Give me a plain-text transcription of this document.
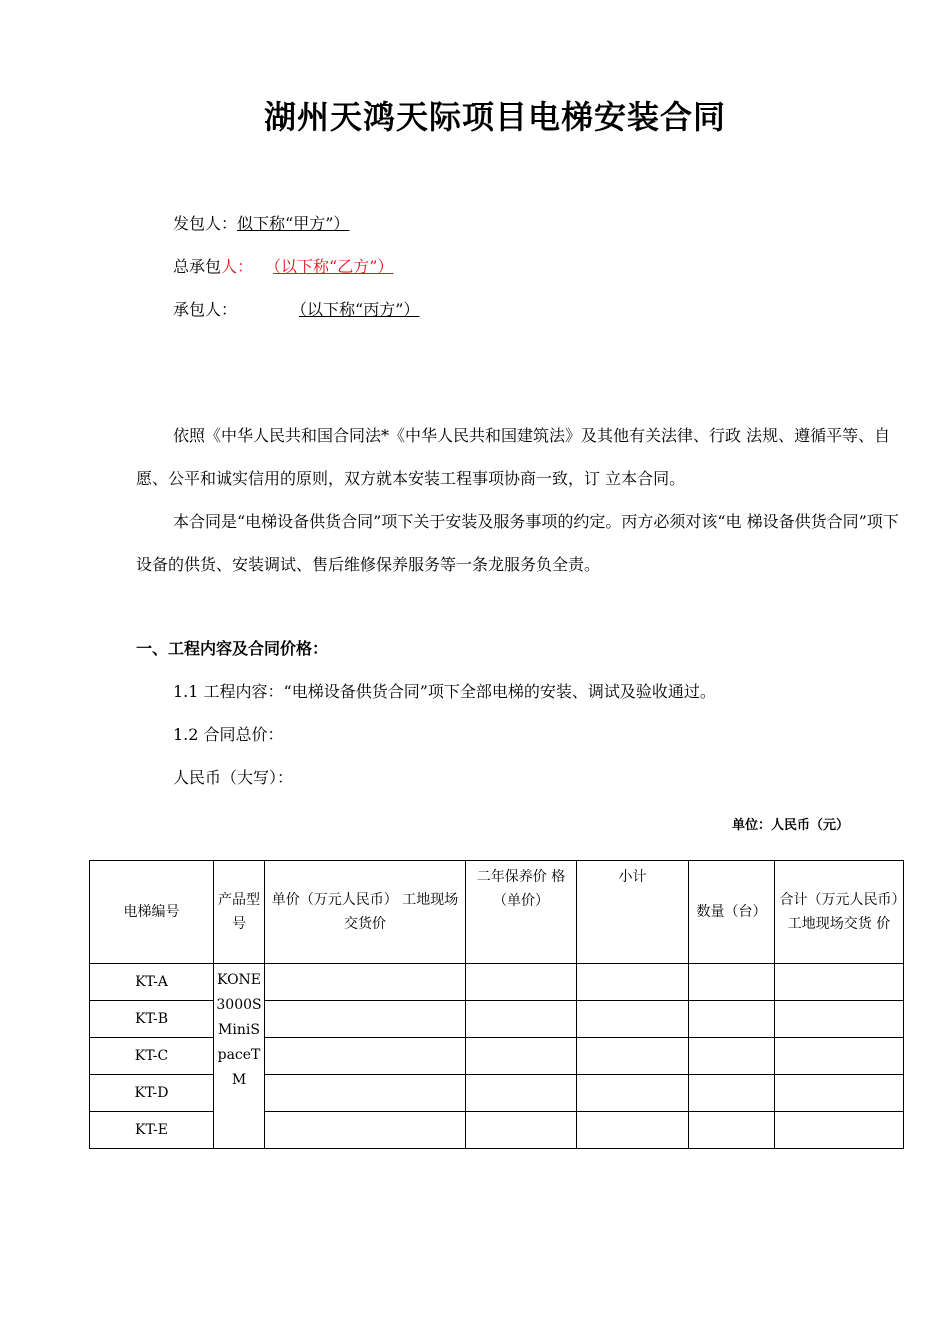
湖州天鸿天际项目电梯安装合同
发包人：似下称“甲方”）
总承包人： （以下称“乙方”）
承包人：	（以下称“丙方”）
依照《中华人民共和国合同法*《中华人民共和国建筑法》及其他有关法律、行政 法规、遵循平等、自愿、公平和诚实信用的原则，双方就本安装工程事项协商一致，订 立本合同。
本合同是“电梯设备供货合同”项下关于安装及服务事项的约定。丙方必须对该“电 梯设备供货合同”项下设备的供货、安装调试、售后维修保养服务等一条龙服务负全责。
一、工程内容及合同价格：
1.1 工程内容：“电梯设备供货合同”项下全部电梯的安装、调试及验收通过。
1.2 合同总价：
人民币（大写）：
单位：人民币（元）
电梯编号	产品型号	单价（万元人民币） 工地现场交货价	二年保养价 格（单价）	小计	数量（台）	合计（万元人民币）工地现场交货 价
KT-A	KONE3000SMiniSpaceT M					
KT-B						
KT-C						
KT-D						
KT-E						
